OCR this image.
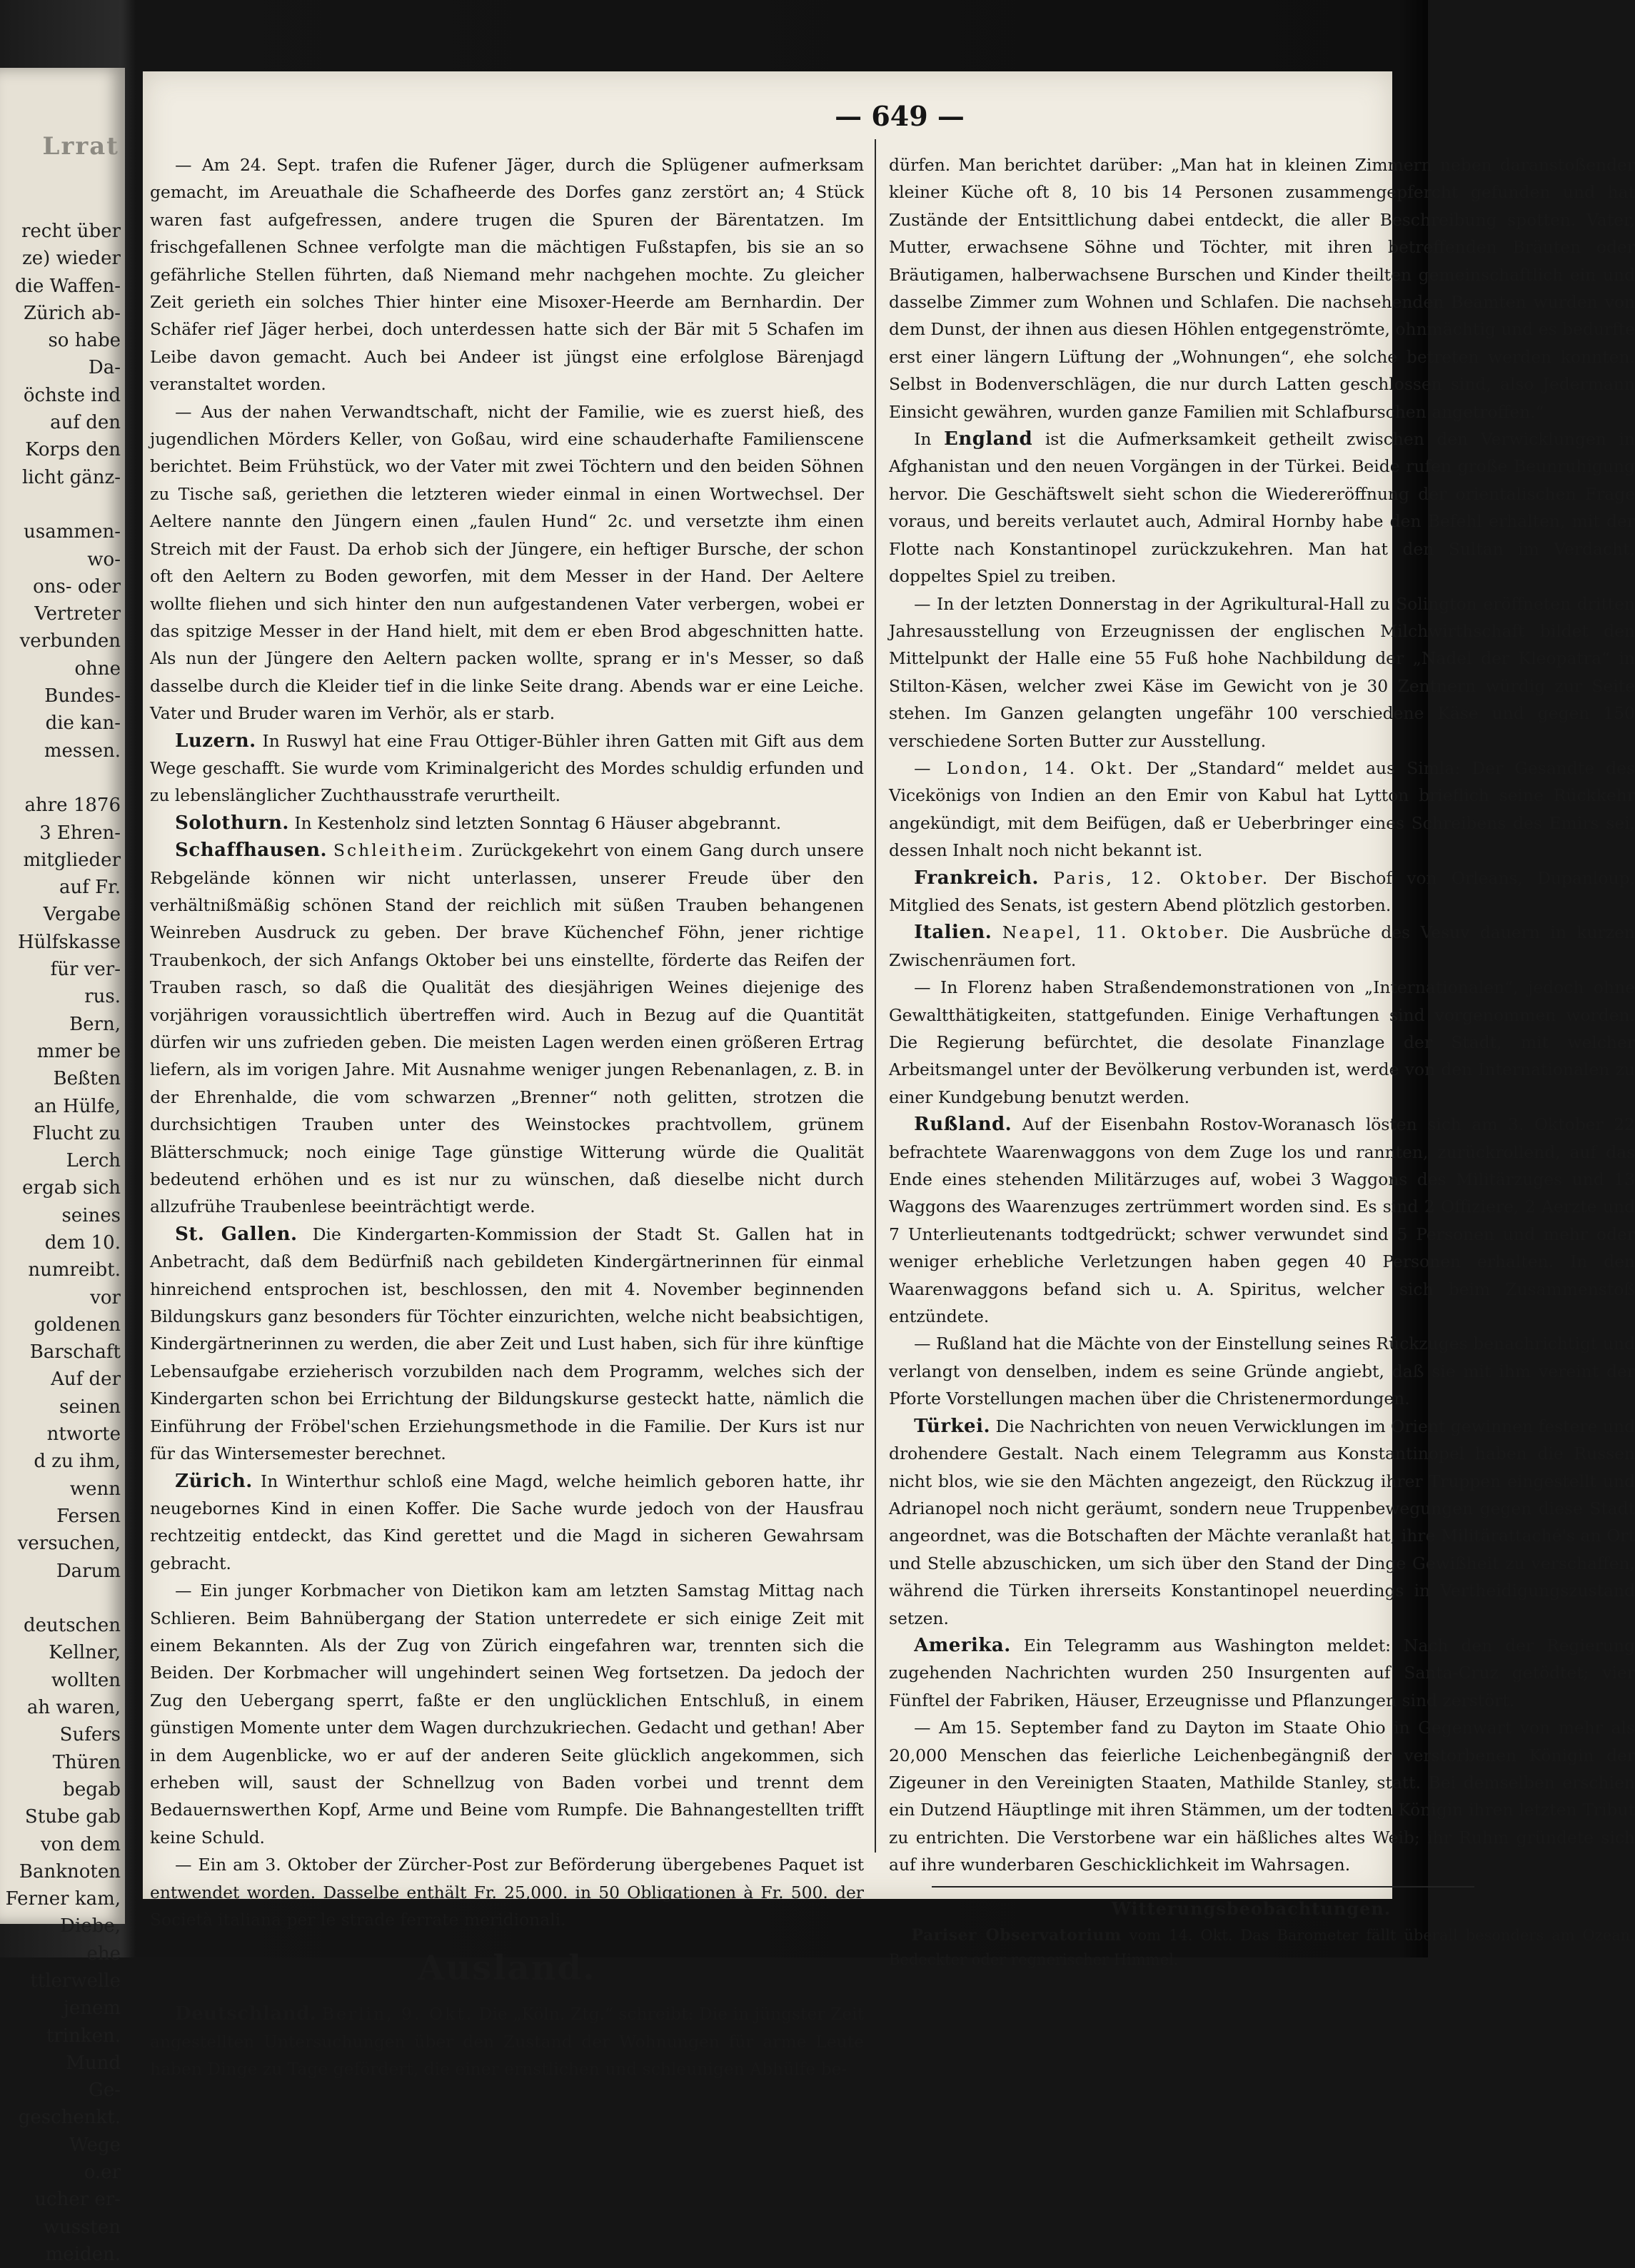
Lrrat
recht über
ze) wieder
die Waffen-
Zürich ab-
so habe
Da-
öchste ind
auf den
Korps den
licht gänz-

usammen-
wo-
ons- oder
Vertreter
verbunden
ohne
Bundes-
die kan-
messen.

ahre 1876
3 Ehren-
mitglieder
auf Fr.
Vergabe
Hülfskasse
für ver-
rus.
Bern,
mmer be
Beßten
an Hülfe,
Flucht zu
Lerch
ergab sich
seines
dem 10.
numreibt.
vor
goldenen
Barschaft
Auf der
seinen
ntworte
d zu ihm,
wenn
Fersen
versuchen,
Darum

deutschen
Kellner,
wollten
ah waren,
Sufers
Thüren
begab
Stube gab
von dem
Banknoten
Ferner kam,
Diebe,
ehe
ttlerwelle
jenem
trinken.
Mund
Ge-
geschenkt.
Wege
o.er
ucher er-
wussten
meiden.

— 649 —

— Am 24. Sept. trafen die Rufener Jäger, durch die Splügener aufmerksam gemacht, im Areuathale die Schafheerde des Dorfes ganz zerstört an; 4 Stück waren fast aufgefressen, andere trugen die Spuren der Bärentatzen. Im frischgefallenen Schnee verfolgte man die mächtigen Fußstapfen, bis sie an so gefährliche Stellen führten, daß Niemand mehr nachgehen mochte. Zu gleicher Zeit gerieth ein solches Thier hinter eine Misoxer-Heerde am Bernhardin. Der Schäfer rief Jäger herbei, doch unterdessen hatte sich der Bär mit 5 Schafen im Leibe davon gemacht. Auch bei Andeer ist jüngst eine erfolglose Bärenjagd veranstaltet worden.

— Aus der nahen Verwandtschaft, nicht der Familie, wie es zuerst hieß, des jugendlichen Mörders Keller, von Goßau, wird eine schauderhafte Familienscene berichtet. Beim Frühstück, wo der Vater mit zwei Töchtern und den beiden Söhnen zu Tische saß, geriethen die letzteren wieder einmal in einen Wortwechsel. Der Aeltere nannte den Jüngern einen „faulen Hund“ 2c. und versetzte ihm einen Streich mit der Faust. Da erhob sich der Jüngere, ein heftiger Bursche, der schon oft den Aeltern zu Boden geworfen, mit dem Messer in der Hand. Der Aeltere wollte fliehen und sich hinter den nun aufgestandenen Vater verbergen, wobei er das spitzige Messer in der Hand hielt, mit dem er eben Brod abgeschnitten hatte. Als nun der Jüngere den Aeltern packen wollte, sprang er in's Messer, so daß dasselbe durch die Kleider tief in die linke Seite drang. Abends war er eine Leiche. Vater und Bruder waren im Verhör, als er starb.

Luzern. In Ruswyl hat eine Frau Ottiger-Bühler ihren Gatten mit Gift aus dem Wege geschafft. Sie wurde vom Kriminalgericht des Mordes schuldig erfunden und zu lebenslänglicher Zuchthausstrafe verurtheilt.

Solothurn. In Kestenholz sind letzten Sonntag 6 Häuser abgebrannt.

Schaffhausen. Schleitheim. Zurückgekehrt von einem Gang durch unsere Rebgelände können wir nicht unterlassen, unserer Freude über den verhältnißmäßig schönen Stand der reichlich mit süßen Trauben behangenen Weinreben Ausdruck zu geben. Der brave Küchenchef Föhn, jener richtige Traubenkoch, der sich Anfangs Oktober bei uns einstellte, förderte das Reifen der Trauben rasch, so daß die Qualität des diesjährigen Weines diejenige des vorjährigen voraussichtlich übertreffen wird. Auch in Bezug auf die Quantität dürfen wir uns zufrieden geben. Die meisten Lagen werden einen größeren Ertrag liefern, als im vorigen Jahre. Mit Ausnahme weniger jungen Rebenanlagen, z. B. in der Ehrenhalde, die vom schwarzen „Brenner“ noth gelitten, strotzen die durchsichtigen Trauben unter des Weinstockes prachtvollem, grünem Blätterschmuck; noch einige Tage günstige Witterung würde die Qualität bedeutend erhöhen und es ist nur zu wünschen, daß dieselbe nicht durch allzufrühe Traubenlese beeinträchtigt werde.

St. Gallen. Die Kindergarten-Kommission der Stadt St. Gallen hat in Anbetracht, daß dem Bedürfniß nach gebildeten Kindergärtnerinnen für einmal hinreichend entsprochen ist, beschlossen, den mit 4. November beginnenden Bildungskurs ganz besonders für Töchter einzurichten, welche nicht beabsichtigen, Kindergärtnerinnen zu werden, die aber Zeit und Lust haben, sich für ihre künftige Lebensaufgabe erzieherisch vorzubilden nach dem Programm, welches sich der Kindergarten schon bei Errichtung der Bildungskurse gesteckt hatte, nämlich die Einführung der Fröbel'schen Erziehungsmethode in die Familie. Der Kurs ist nur für das Wintersemester berechnet.

Zürich. In Winterthur schloß eine Magd, welche heimlich geboren hatte, ihr neugebornes Kind in einen Koffer. Die Sache wurde jedoch von der Hausfrau rechtzeitig entdeckt, das Kind gerettet und die Magd in sicheren Gewahrsam gebracht.

— Ein junger Korbmacher von Dietikon kam am letzten Samstag Mittag nach Schlieren. Beim Bahnübergang der Station unterredete er sich einige Zeit mit einem Bekannten. Als der Zug von Zürich eingefahren war, trennten sich die Beiden. Der Korbmacher will ungehindert seinen Weg fortsetzen. Da jedoch der Zug den Uebergang sperrt, faßte er den unglücklichen Entschluß, in einem günstigen Momente unter dem Wagen durchzukriechen. Gedacht und gethan! Aber in dem Augenblicke, wo er auf der anderen Seite glücklich angekommen, sich erheben will, saust der Schnellzug von Baden vorbei und trennt dem Bedauernswerthen Kopf, Arme und Beine vom Rumpfe. Die Bahnangestellten trifft keine Schuld.

— Ein am 3. Oktober der Zürcher-Post zur Beförderung übergebenes Paquet ist entwendet worden. Dasselbe enthält Fr. 25,000. in 50 Obligationen à Fr. 500. der Società italiana per le strade ferrate meridionali.

Ausland.

Deutschland. Berlin, 9. Okt. Die „Köln. Ztg.“ schreibt: Die in jüngster Zeit angestellten Untersuchungen über den Zustand der Wohnungen für arme Leute haben Dinge zu Tage gefördert, die einer ernstlichen und schleunigen Abhülfe be-

dürfen. Man berichtet darüber: „Man hat in kleinen Zimmern neben daranstoßender kleiner Küche oft 8, 10 bis 14 Personen zusammengepfercht gefunden und hat Zustände der Entsittlichung dabei entdeckt, die aller Beschreibung spotten. Vater, Mutter, erwachsene Söhne und Töchter, mit ihren betreffenden Bräuten oder Bräutigamen, halberwachsene Burschen und Kinder theilten gemeinschaftlich ein und dasselbe Zimmer zum Wohnen und Schlafen. Die nachsehenden Beamten wurden von dem Dunst, der ihnen aus diesen Höhlen entgegenströmte, ohnmächtig und es bedurfte erst einer längern Lüftung der „Wohnungen“, ehe solche betreten werden konnten. Selbst in Bodenverschlägen, die nur durch Latten geschlossen sind, also Jedermann Einsicht gewähren, wurden ganze Familien mit Schlafburschen angetroffen.“

In England ist die Aufmerksamkeit getheilt zwischen den Verwicklungen in Afghanistan und den neuen Vorgängen in der Türkei. Beide rufen große Beunruhigung hervor. Die Geschäftswelt sieht schon die Wiedereröffnung der orientalischen Frage voraus, und bereits verlautet auch, Admiral Hornby habe den Befehl erhalten, mit der Flotte nach Konstantinopel zurückzukehren. Man hat den Sultan im Verdacht, doppeltes Spiel zu treiben.

— In der letzten Donnerstag in der Agrikultural-Hall zu Solington eröffneten dritten Jahresausstellung von Erzeugnissen der englischen Milchwirthschaft bildet den Mittelpunkt der Halle eine 55 Fuß hohe Nachbildung der „Nadel der Kleopatra“ in Stilton-Käsen, welcher zwei Käse im Gewicht von je 30 Zentnern würdig zur Seite stehen. Im Ganzen gelangten ungefähr 100 verschiedene Käse und gegen 150 verschiedene Sorten Butter zur Ausstellung.

— London, 14. Okt. Der „Standard“ meldet aus Simla: Der Gesandte des Vicekönigs von Indien an den Emir von Kabul hat Lytton brieflich seine Rückkehr angekündigt, mit dem Beifügen, daß er Ueberbringer eines Schreibens des Emirs sei, dessen Inhalt noch nicht bekannt ist.

Frankreich. Paris, 12. Oktober. Der Bischof von Orleans, Dupanloup, Mitglied des Senats, ist gestern Abend plötzlich gestorben.

Italien. Neapel, 11. Oktober. Die Ausbrüche des Vesuv dauern in kurzen Zwischenräumen fort.

— In Florenz haben Straßendemonstrationen von „Internationalen“, jedoch ohne Gewaltthätigkeiten, stattgefunden. Einige Verhaftungen sind vorgenommen worden. Die Regierung befürchtet, die desolate Finanzlage der Stadt, mit welcher Arbeitsmangel unter der Bevölkerung verbunden ist, werde von den Internationalen zu einer Kundgebung benutzt werden.

Rußland. Auf der Eisenbahn Rostov-Woranasch lösten sich am 3. Oktober 22 befrachtete Waarenwaggons von dem Zuge los und rannten, zurückrollend, auf das Ende eines stehenden Militärzuges auf, wobei 3 Waggons des Militärzuges und 13 Waggons des Waarenzuges zertrümmert worden sind. Es sind 2 Offiziere, 2 Aerzte und 7 Unterlieutenants todtgedrückt; schwer verwundet sind 5 Personen und mehr oder weniger erhebliche Verletzungen haben gegen 40 Personen erhalten. In den Waarenwaggons befand sich u. A. Spiritus, welcher sich beim Zusammenstoß entzündete.

— Rußland hat die Mächte von der Einstellung seines Rückzuges benachrichtigt und verlangt von denselben, indem es seine Gründe angiebt, daß sie mit ihm vereint der Pforte Vorstellungen machen über die Christenermordungen.

Türkei. Die Nachrichten von neuen Verwicklungen im Orient gewinnen festere und drohendere Gestalt. Nach einem Telegramm aus Konstantinopel haben die Russen nicht blos, wie sie den Mächten angezeigt, den Rückzug ihrer Truppen eingestellt und Adrianopel noch nicht geräumt, sondern neue Truppenbewegungen gegen diese Stadt angeordnet, was die Botschaften der Mächte veranlaßt hat, ihre Militärattaché's an Ort und Stelle abzuschicken, um sich über den Stand der Dinge Gewißheit zu verschaffen, während die Türken ihrerseits Konstantinopel neuerdings in Vertheidigungszustand setzen.

Amerika. Ein Telegramm aus Washington meldet: Nach den der Regierung zugehenden Nachrichten wurden 250 Insurgenten auf Santa-Cruz getödtet; vier Fünftel der Fabriken, Häuser, Erzeugnisse und Pflanzungen sind zerstört.

— Am 15. September fand zu Dayton im Staate Ohio in Gegenwart von mehr als 20,000 Menschen das feierliche Leichenbegängniß der verstorbenen Königin der Zigeuner in den Vereinigten Staaten, Mathilde Stanley, statt. Bei demselben erschien ein Dutzend Häuptlinge mit ihren Stämmen, um der todten Königin ihren letzten Tribut zu entrichten. Die Verstorbene war ein häßliches altes Weib; ihr Ruhm gründete sich auf ihre wunderbaren Geschicklichkeit im Wahrsagen.

Witterungsbeobachtungen.

Pariser Observatorium vom 14. Okt. Das Barometer fällt überall besonders am Ozean. Bedeckter oder regnerischer Himmel.
